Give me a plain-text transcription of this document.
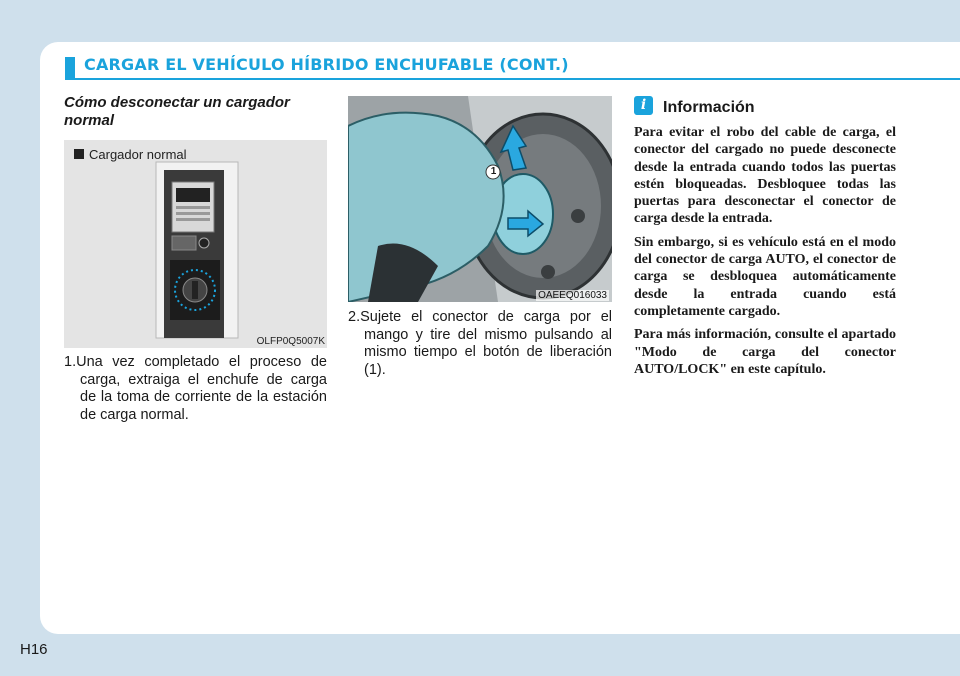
CARGAR EL VEHÍCULO HÍBRIDO ENCHUFABLE (CONT.)
Cómo desconectar un cargador normal
Cargador normal
OLFP0Q5007K
1
OAEEQ016033
1.Una vez completado el proceso de carga, extraiga el enchufe de carga de la toma de corriente de la estación de carga normal.
2.Sujete el conector de carga por el mango y tire del mismo pulsando al mismo tiempo el botón de liberación (1).
i	Información

Para evitar el robo del cable de carga, el conector del cargado no puede desconecte desde la entrada cuando todos las puertas estén bloqueadas. Desbloquee todas las puertas para desconectar el conector de carga desde la entrada.

Sin embargo, si es vehículo está en el modo del conector de carga AUTO, el conector de carga se desbloquea automáticamente desde la entrada cuando está completamente cargado.

Para más información, consulte el apartado "Modo de carga del conector AUTO/LOCK" en este capítulo.

H16
